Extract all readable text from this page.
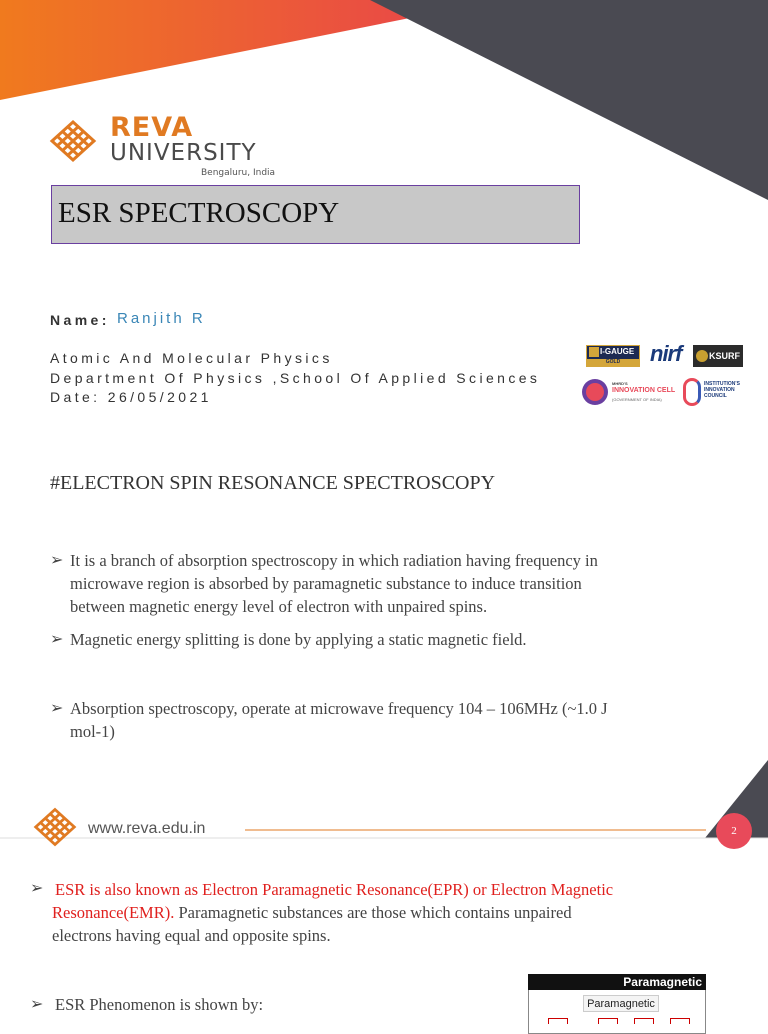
REVA
UNIVERSITY
Bengaluru, India
ESR SPECTROSCOPY
Name: Ranjith R
Atomic And Molecular Physics
Department Of Physics ,School Of Applied Sciences
Date: 26/05/2021
I-GAUGE
GOLD	nirf	KSURF
MHRD'S
INNOVATION CELL
(GOVERNMENT OF INDIA)
INSTITUTION'S INNOVATION COUNCIL
#ELECTRON SPIN RESONANCE SPECTROSCOPY
➢ It is a branch of absorption spectroscopy in which radiation having frequency in
microwave region is absorbed by paramagnetic substance to induce transition
between magnetic energy level of electron with unpaired spins.
➢ Magnetic energy splitting is done by applying a static magnetic field.
➢ Absorption spectroscopy, operate at microwave frequency 104 – 106MHz (~1.0 J
mol-1)
www.reva.edu.in	2
➢ ESR is also known as Electron Paramagnetic Resonance(EPR) or Electron Magnetic
Resonance(EMR). Paramagnetic substances are those which contains unpaired
electrons having equal and opposite spins.
➢ ESR Phenomenon is shown by:
Paramagnetic
Paramagnetic
